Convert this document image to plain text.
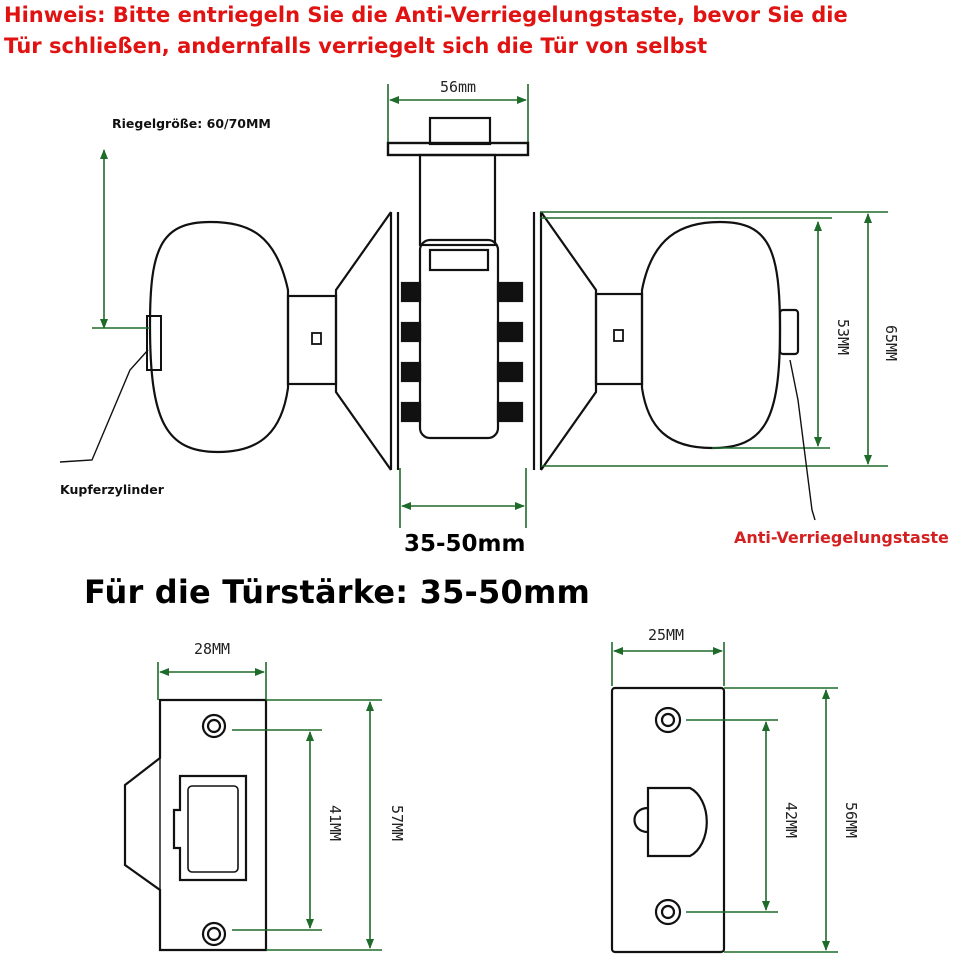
Hinweis: Bitte entriegeln Sie die Anti-Verriegelungstaste, bevor Sie die
Tür schließen, andernfalls verriegelt sich die Tür von selbst
53MM 65MM
56mm
28MM
41MM	57MM
25MM
42MM	56MM
Riegelgröße: 60/70MM
Kupferzylinder
Anti-Verriegelungstaste
35-50mm
Für die Türstärke: 35-50mm
